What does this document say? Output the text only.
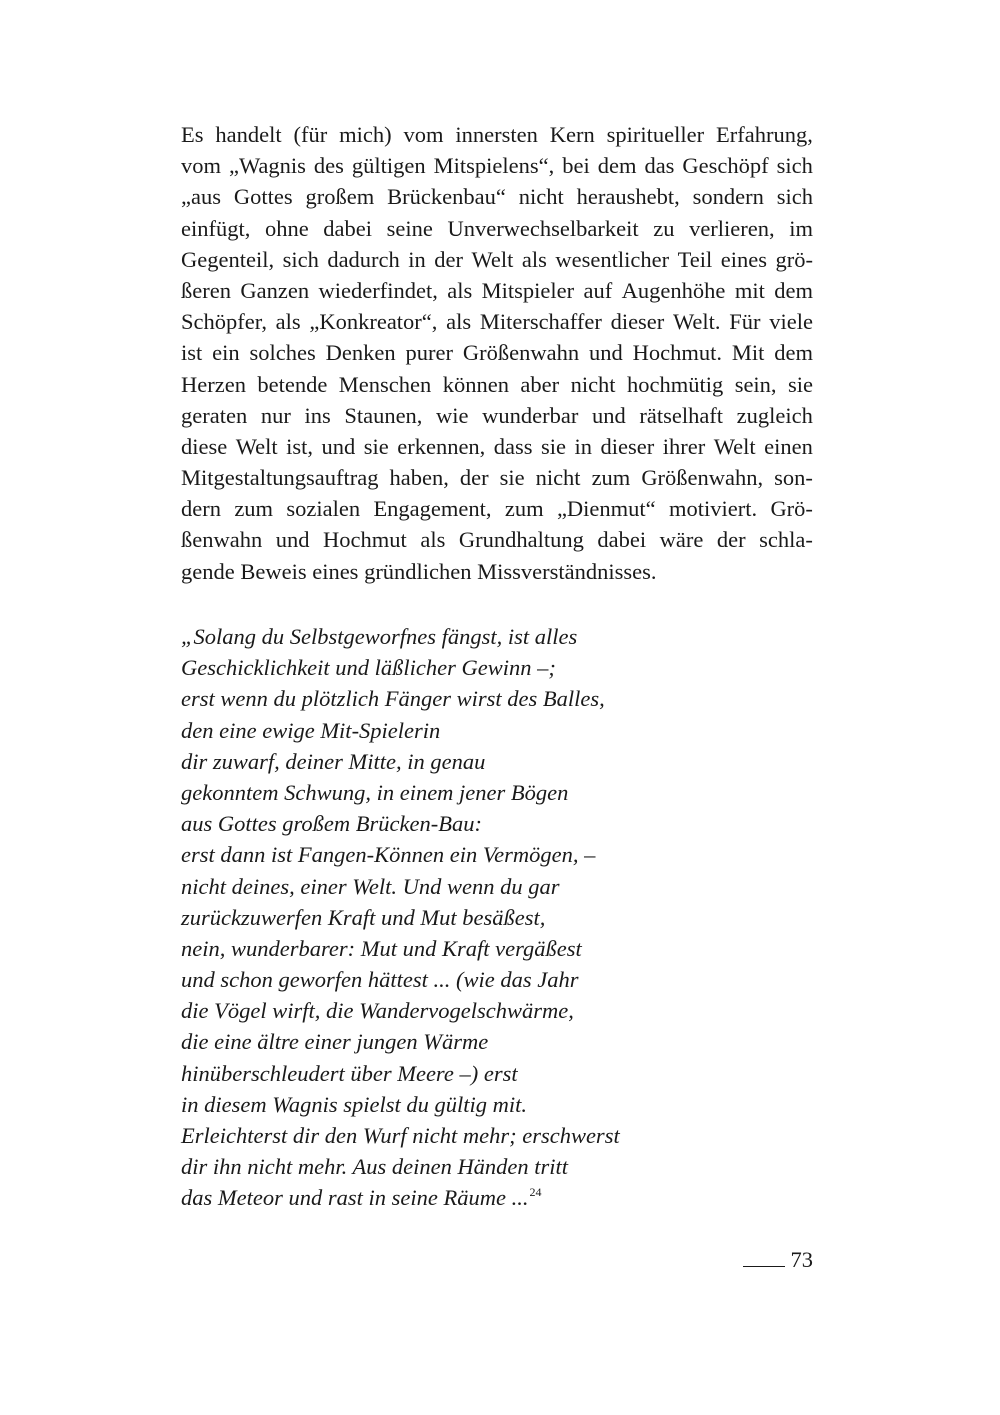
Es handelt (für mich) vom innersten Kern spiritueller Erfahrung,
vom „Wagnis des gültigen Mitspielens“, bei dem das Geschöpf sich
„aus Gottes großem Brückenbau“ nicht heraushebt, sondern sich
einfügt, ohne dabei seine Unverwechselbarkeit zu verlieren, im
Gegenteil, sich dadurch in der Welt als wesentlicher Teil eines grö-
ßeren Ganzen wiederfindet, als Mitspieler auf Augenhöhe mit dem
Schöpfer, als „Konkreator“, als Miterschaffer dieser Welt. Für viele
ist ein solches Denken purer Größenwahn und Hochmut. Mit dem
Herzen betende Menschen können aber nicht hochmütig sein, sie
geraten nur ins Staunen, wie wunderbar und rätselhaft zugleich
diese Welt ist, und sie erkennen, dass sie in dieser ihrer Welt einen
Mitgestaltungsauftrag haben, der sie nicht zum Größenwahn, son-
dern zum sozialen Engagement, zum „Dienmut“ motiviert. Grö-
ßenwahn und Hochmut als Grundhaltung dabei wäre der schla-
gende Beweis eines gründlichen Missverständnisses.
„Solang du Selbstgeworfnes fängst, ist alles
Geschicklichkeit und läßlicher Gewinn –;
erst wenn du plötzlich Fänger wirst des Balles,
den eine ewige Mit-Spielerin
dir zuwarf, deiner Mitte, in genau
gekonntem Schwung, in einem jener Bögen
aus Gottes großem Brücken-Bau:
erst dann ist Fangen-Können ein Vermögen, –
nicht deines, einer Welt. Und wenn du gar
zurückzuwerfen Kraft und Mut besäßest,
nein, wunderbarer: Mut und Kraft vergäßest
und schon geworfen hättest ... (wie das Jahr
die Vögel wirft, die Wandervogelschwärme,
die eine ältre einer jungen Wärme
hinüberschleudert über Meere –) erst
in diesem Wagnis spielst du gültig mit.
Erleichterst dir den Wurf nicht mehr; erschwerst
dir ihn nicht mehr. Aus deinen Händen tritt
das Meteor und rast in seine Räume ...$^{24}$
73
